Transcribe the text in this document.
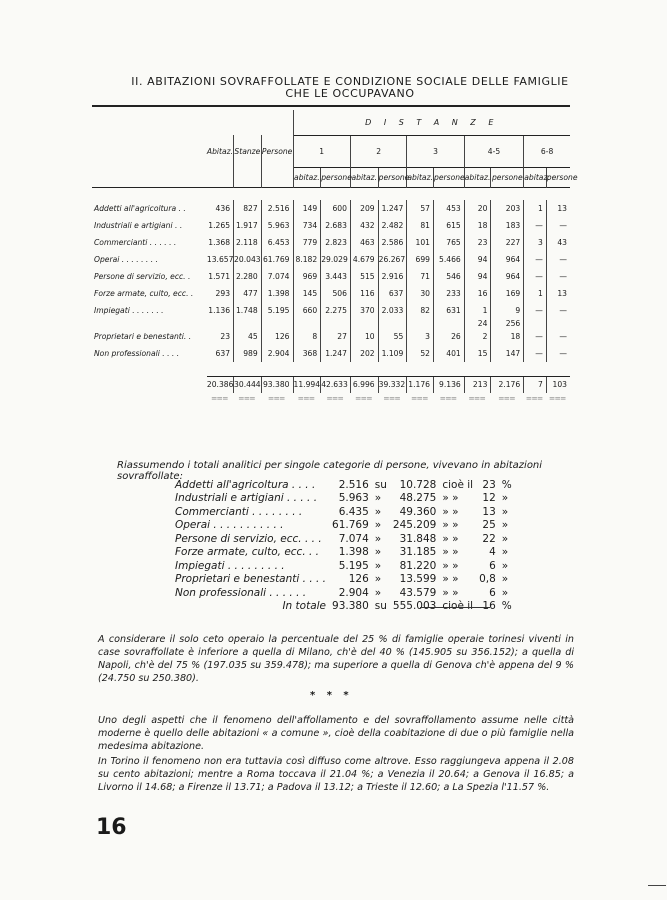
II. ABITAZIONI SOVRAFFOLLATE E CONDIZIONE SOCIALE DELLE FAMIGLIE
CHE LE OCCUPAVANO

				D I S T A N Z E									
	Abitaz.	Stanze	Persone	1		2		3		4-5		6-8	
				abitaz.	persone	abitaz.	persone	abitaz.	persone	abitaz.	persone	abitaz.	persone

Addetti all'agricoltura . .	436	827	2.516	149	600	209	1.247	57	453	20	203	1	13
Industriali e artigiani . .	1.265	1.917	5.963	734	2.683	432	2.482	81	615	18	183	—	—
Commercianti . . . . . .	1.368	2.118	6.453	779	2.823	463	2.586	101	765	23	227	3	43
Operai . . . . . . . .	13.657	20.043	61.769	8.182	29.029	4.679	26.267	699	5.466	94	964	—	—
Persone di servizio, ecc. .	1.571	2.280	7.074	969	3.443	515	2.916	71	546	94	964	—	—
Forze armate, culto, ecc. .	293	477	1.398	145	506	116	637	30	233	16	169	1	13
Impiegati . . . . . . .	1.136	1.748	5.195	660	2.275	370	2.033	82	631	1	9	—	—
										24	256		
Proprietari e benestanti. .	23	45	126	8	27	10	55	3	26	2	18	—	—
Non professionali . . . .	637	989	2.904	368	1.247	202	1.109	52	401	15	147	—	—

	20.386	30.444	93.380	11.994	42.633	6.996	39.332	1.176	9.136	213	2.176	7	103
	═══	═══	═══	═══	═══	═══	═══	═══	═══	═══	═══	═══	═══
Riassumendo i totali analitici per singole categorie di persone, vivevano in abitazioni sovraffollate:
Addetti all'agricoltura . . . .	2.516	su	10.728	cioè il	23	%
Industriali e artigiani . . . . .	5.963	»	48.275	» »	12	»
Commercianti . . . . . . . .	6.435	»	49.360	» »	13	»
Operai . . . . . . . . . . .	61.769	»	245.209	» »	25	»
Persone di servizio, ecc. . . .	7.074	»	31.848	» »	22	»
Forze armate, culto, ecc. . .	1.398	»	31.185	» »	4	»
Impiegati . . . . . . . . .	5.195	»	81.220	» »	6	»
Proprietari e benestanti . . . .	126	»	13.599	» »	0,8	»
Non professionali . . . . . .	2.904	»	43.579	» »	6	»
In totale	93.380	su	555.003	cioè il	16	%
A considerare il solo ceto operaio la percentuale del 25 % di famiglie operaie torinesi viventi in case sovraffollate è inferiore a quella di Milano, ch'è del 40 % (145.905 su 356.152); a quella di Napoli, ch'è del 75 % (197.035 su 359.478); ma superiore a quella di Genova ch'è appena del 9 % (24.750 su 250.380).
* * *
Uno degli aspetti che il fenomeno dell'affollamento e del sovraffollamento assume nelle città moderne è quello delle abitazioni « a comune », cioè della coabitazione di due o più famiglie nella medesima abitazione.
In Torino il fenomeno non era tuttavia così diffuso come altrove. Esso raggiungeva appena il 2.08 su cento abitazioni; mentre a Roma toccava il 21.04 %; a Venezia il 20.64; a Genova il 16.85; a Livorno il 14.68; a Firenze il 13.71; a Padova il 13.12; a Trieste il 12.60; a La Spezia l'11.57 %.
16
